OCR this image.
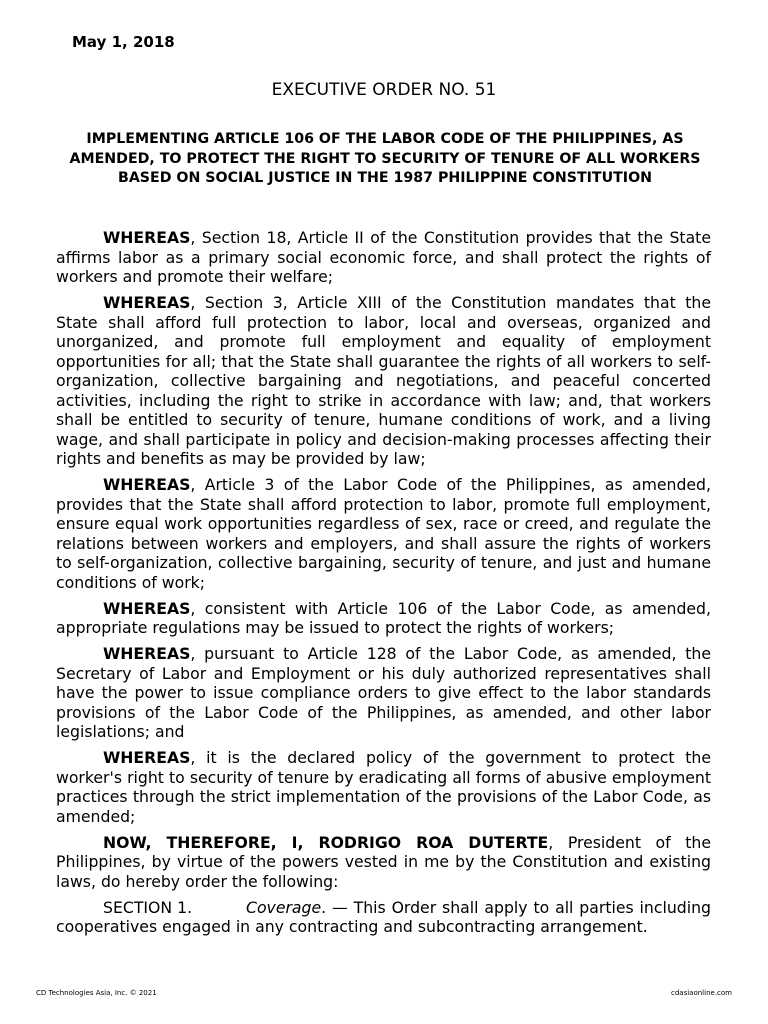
May 1, 2018
EXECUTIVE ORDER NO. 51
IMPLEMENTING ARTICLE 106 OF THE LABOR CODE OF THE PHILIPPINES, AS AMENDED, TO PROTECT THE RIGHT TO SECURITY OF TENURE OF ALL WORKERS BASED ON SOCIAL JUSTICE IN THE 1987 PHILIPPINE CONSTITUTION

WHEREAS, Section 18, Article II of the Constitution provides that the State affirms labor as a primary social economic force, and shall protect the rights of workers and promote their welfare;

WHEREAS, Section 3, Article XIII of the Constitution mandates that the State shall afford full protection to labor, local and overseas, organized and unorganized, and promote full employment and equality of employment opportunities for all; that the State shall guarantee the rights of all workers to self-organization, collective bargaining and negotiations, and peaceful concerted activities, including the right to strike in accordance with law; and, that workers shall be entitled to security of tenure, humane conditions of work, and a living wage, and shall participate in policy and decision-making processes affecting their rights and benefits as may be provided by law;

WHEREAS, Article 3 of the Labor Code of the Philippines, as amended, provides that the State shall afford protection to labor, promote full employment, ensure equal work opportunities regardless of sex, race or creed, and regulate the relations between workers and employers, and shall assure the rights of workers to self-organization, collective bargaining, security of tenure, and just and humane conditions of work;

WHEREAS, consistent with Article 106 of the Labor Code, as amended, appropriate regulations may be issued to protect the rights of workers;

WHEREAS, pursuant to Article 128 of the Labor Code, as amended, the Secretary of Labor and Employment or his duly authorized representatives shall have the power to issue compliance orders to give effect to the labor standards provisions of the Labor Code of the Philippines, as amended, and other labor legislations; and

WHEREAS, it is the declared policy of the government to protect the worker's right to security of tenure by eradicating all forms of abusive employment practices through the strict implementation of the provisions of the Labor Code, as amended;

NOW, THEREFORE, I, RODRIGO ROA DUTERTE, President of the Philippines, by virtue of the powers vested in me by the Constitution and existing laws, do hereby order the following:

SECTION 1.	Coverage. — This Order shall apply to all parties including cooperatives engaged in any contracting and subcontracting arrangement.

CD Technologies Asia, Inc. © 2021	cdasiaonline.com
